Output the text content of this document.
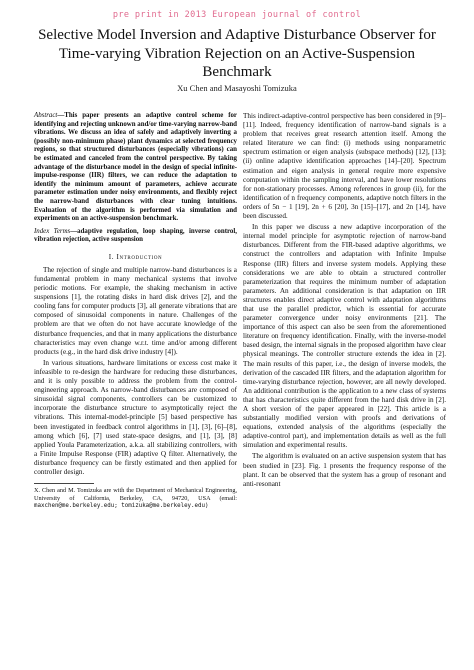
pre print in 2013 European journal of control
Selective Model Inversion and Adaptive Disturbance Observer for Time-varying Vibration Rejection on an Active-Suspension Benchmark
Xu Chen and Masayoshi Tomizuka

Abstract—This paper presents an adaptive control scheme for identifying and rejecting unknown and/or time-varying narrow-band vibrations. We discuss an idea of safely and adaptively inverting a (possibly non-minimum phase) plant dynamics at selected frequency regions, so that structured disturbances (especially vibrations) can be estimated and canceled from the control perspective. By taking advantage of the disturbance model in the design of special infinite-impulse-response (IIR) filters, we can reduce the adaptation to identify the minimum amount of parameters, achieve accurate parameter estimation under noisy environments, and flexibly reject the narrow-band disturbances with clear tuning intuitions. Evaluation of the algorithm is performed via simulation and experiments on an active-suspension benchmark.

Index Terms—adaptive regulation, loop shaping, inverse control, vibration rejection, active suspension

I. Introduction

The rejection of single and multiple narrow-band disturbances is a fundamental problem in many mechanical systems that involve periodic motions. For example, the shaking mechanism in active suspensions [1], the rotating disks in hard disk drives [2], and the cooling fans for computer products [3], all generate vibrations that are composed of sinusoidal components in nature. Challenges of the problem are that we often do not have accurate knowledge of the disturbance frequencies, and that in many applications the disturbance characteristics may even change w.r.t. time and/or among different products (e.g., in the hard disk drive industry [4]).

In various situations, hardware limitations or excess cost make it infeasible to re-design the hardware for reducing these disturbances, and it is only possible to address the problem from the control-engineering approach. As narrow-band disturbances are composed of sinusoidal signal components, controllers can be customized to incorporate the disturbance structure to asymptotically reject the vibrations. This internal-model-principle [5] based perspective has been investigated in feedback control algorithms in [1], [3], [6]–[8], among which [6], [7] used state-space designs, and [1], [3], [8] applied Youla Parameterization, a.k.a. all stabilizing controllers, with a Finite Impulse Response (FIR) adaptive Q filter. Alternatively, the disturbance frequency can be firstly estimated and then applied for controller design.

X. Chen and M. Tomizuka are with the Department of Mechanical Engineering, University of California, Berkeley, CA, 94720, USA (email: maxchen@me.berkeley.edu; tomizuka@me.berkeley.edu)

This indirect-adaptive-control perspective has been considered in [9]–[11]. Indeed, frequency identification of narrow-band signals is a problem that receives great research attention itself. Among the related literature we can find: (i) methods using nonparametric spectrum estimation or eigen analysis (subspace methods) [12], [13]; (ii) online adaptive identification approaches [14]–[20]. Spectrum estimation and eigen analysis in general require more expensive computation within the sampling interval, and have lower resolutions for non-stationary processes. Among references in group (ii), for the identification of n frequency components, adaptive notch filters in the orders of 5n − 1 [19], 2n + 6 [20], 3n [15]–[17], and 2n [14], have been discussed.

In this paper we discuss a new adaptive incorporation of the internal model principle for asymptotic rejection of narrow-band disturbances. Different from the FIR-based adaptive algorithms, we construct the controllers and adaptation with Infinite Impulse Response (IIR) filters and inverse system models. Applying these considerations we are able to obtain a structured controller parameterization that requires the minimum number of adaptation parameters. An additional consideration is that adaptation on IIR structures enables direct adaptive control with adaptation algorithms that use the parallel predictor, which is essential for accurate parameter convergence under noisy environments [21]. The importance of this aspect can also be seen from the aforementioned literature on frequency identification. Finally, with the inverse-model based design, the internal signals in the proposed algorithm have clear physical meanings. The controller structure extends the idea in [2]. The main results of this paper, i.e., the design of inverse models, the derivation of the cascaded IIR filters, and the adaptation algorithm for time-varying disturbance rejection, however, are all newly developed. An additional contribution is the application to a new class of systems that has characteristics quite different from the hard disk drive in [2]. A short version of the paper appeared in [22]. This article is a substantially modified version with proofs and derivations of equations, extended analysis of the algorithms (especially the adaptive-control part), and implementation details as well as the full simulation and experimental results.

The algorithm is evaluated on an active suspension system that has been studied in [23]. Fig. 1 presents the frequency response of the plant. It can be observed that the system has a group of resonant and anti-resonant
